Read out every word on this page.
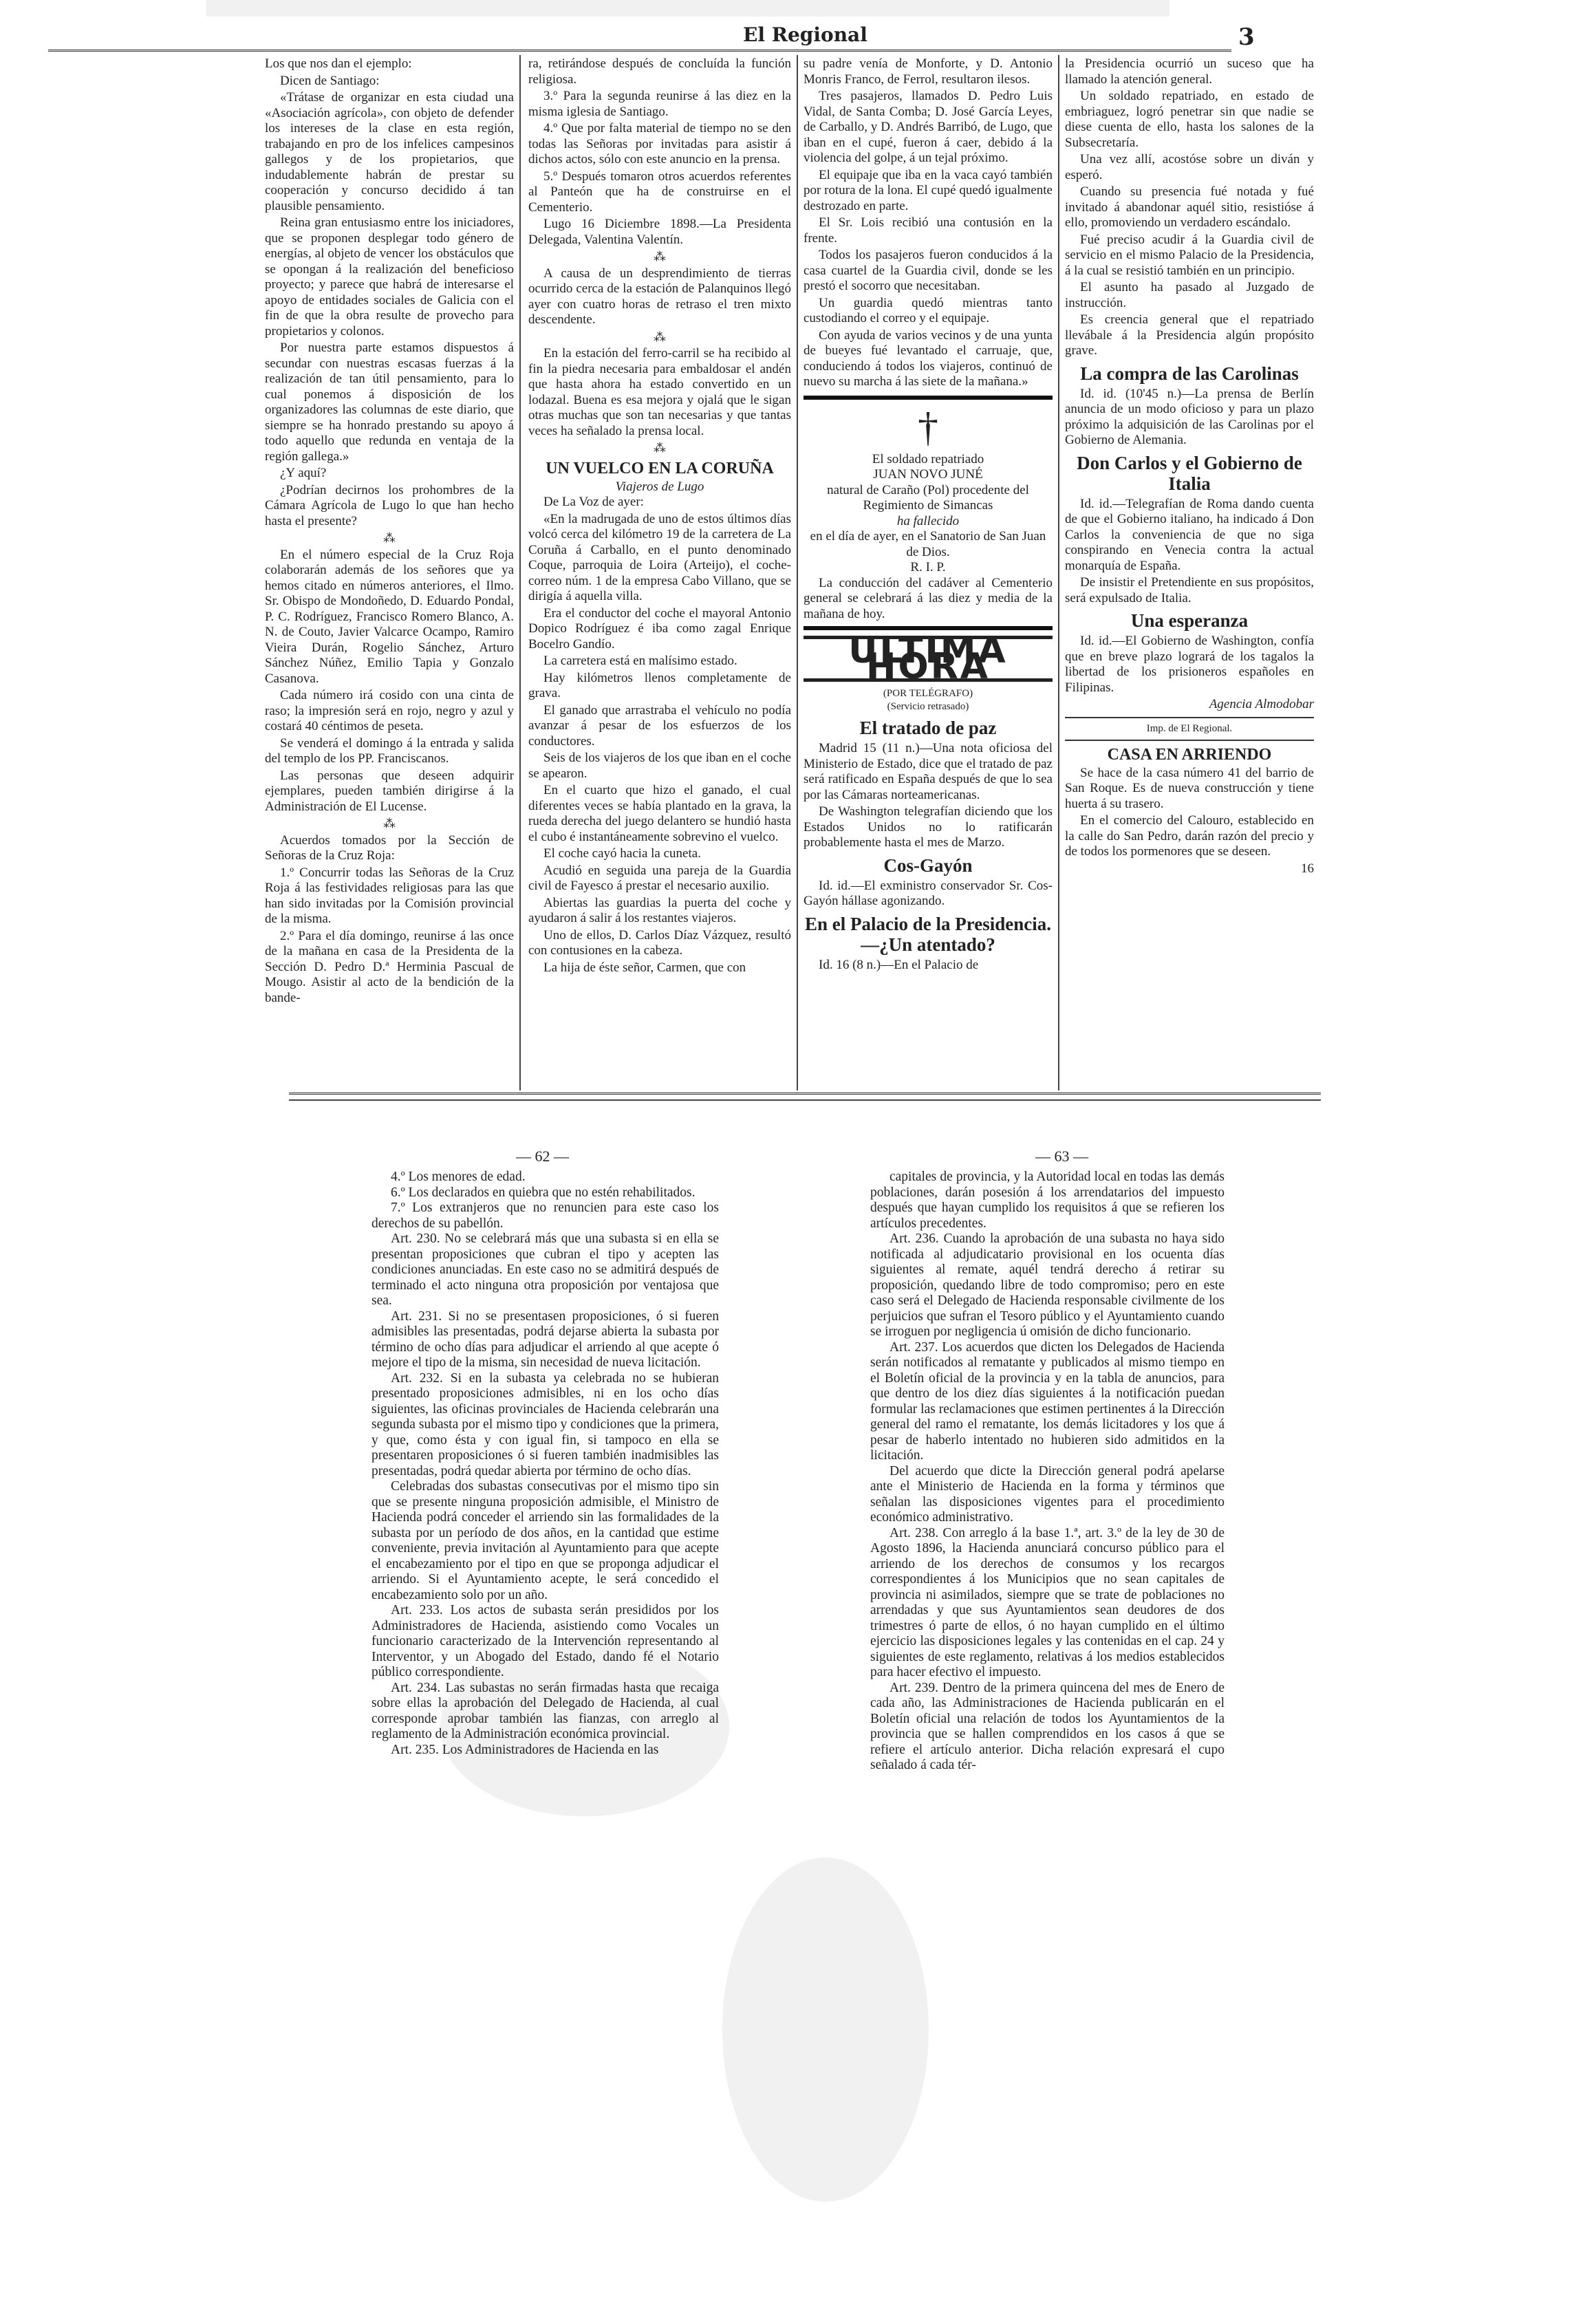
El Regional	3

Los que nos dan el ejemplo:

Dicen de Santiago:

«Trátase de organizar en esta ciudad una «Asociación agrícola», con objeto de defender los intereses de la clase en esta región, trabajando en pro de los infelices campesinos gallegos y de los propietarios, que indudablemente habrán de prestar su cooperación y concurso decidido á tan plausible pensamiento.

Reina gran entusiasmo entre los iniciadores, que se proponen desplegar todo género de energías, al objeto de vencer los obstáculos que se opongan á la realización del beneficioso proyecto; y parece que habrá de interesarse el apoyo de entidades sociales de Galicia con el fin de que la obra resulte de provecho para propietarios y colonos.

Por nuestra parte estamos dispuestos á secundar con nuestras escasas fuerzas á la realización de tan útil pensamiento, para lo cual ponemos á disposición de los organizadores las columnas de este diario, que siempre se ha honrado prestando su apoyo á todo aquello que redunda en ventaja de la región gallega.»

¿Y aquí?

¿Podrían decirnos los prohombres de la Cámara Agrícola de Lugo lo que han hecho hasta el presente?

⁂

En el número especial de la Cruz Roja colaborarán además de los señores que ya hemos citado en números anteriores, el Ilmo. Sr. Obispo de Mondoñedo, D. Eduardo Pondal, P. C. Rodríguez, Francisco Romero Blanco, A. N. de Couto, Javier Valcarce Ocampo, Ramiro Vieira Durán, Rogelio Sánchez, Arturo Sánchez Núñez, Emilio Tapia y Gonzalo Casanova.

Cada número irá cosido con una cinta de raso; la impresión será en rojo, negro y azul y costará 40 céntimos de peseta.

Se venderá el domingo á la entrada y salida del templo de los PP. Franciscanos.

Las personas que deseen adquirir ejemplares, pueden también dirigirse á la Administración de El Lucense.

⁂

Acuerdos tomados por la Sección de Señoras de la Cruz Roja:

1.º Concurrir todas las Señoras de la Cruz Roja á las festividades religiosas para las que han sido invitadas por la Comisión provincial de la misma.

2.º Para el día domingo, reunirse á las once de la mañana en casa de la Presidenta de la Sección D. Pedro D.ª Herminia Pascual de Mougo. Asistir al acto de la bendición de la bande-

ra, retirándose después de concluída la función religiosa.

3.º Para la segunda reunirse á las diez en la misma iglesia de Santiago.

4.º Que por falta material de tiempo no se den todas las Señoras por invitadas para asistir á dichos actos, sólo con este anuncio en la prensa.

5.º Después tomaron otros acuerdos referentes al Panteón que ha de construirse en el Cementerio.

Lugo 16 Diciembre 1898.—La Presidenta Delegada, Valentina Valentín.

⁂

A causa de un desprendimiento de tierras ocurrido cerca de la estación de Palanquinos llegó ayer con cuatro horas de retraso el tren mixto descendente.

⁂

En la estación del ferro-carril se ha recibido al fin la piedra necesaria para embaldosar el andén que hasta ahora ha estado convertido en un lodazal. Buena es esa mejora y ojalá que le sigan otras muchas que son tan necesarias y que tantas veces ha señalado la prensa local.

⁂
UN VUELCO EN LA CORUÑA
Viajeros de Lugo

De La Voz de ayer:

«En la madrugada de uno de estos últimos días volcó cerca del kilómetro 19 de la carretera de La Coruña á Carballo, en el punto denominado Coque, parroquia de Loira (Arteijo), el coche-correo núm. 1 de la empresa Cabo Villano, que se dirigía á aquella villa.

Era el conductor del coche el mayoral Antonio Dopico Rodríguez é iba como zagal Enrique Bocelro Gandío.

La carretera está en malísimo estado.

Hay kilómetros llenos completamente de grava.

El ganado que arrastraba el vehículo no podía avanzar á pesar de los esfuerzos de los conductores.

Seis de los viajeros de los que iban en el coche se apearon.

En el cuarto que hizo el ganado, el cual diferentes veces se había plantado en la grava, la rueda derecha del juego delantero se hundió hasta el cubo é instantáneamente sobrevino el vuelco.

El coche cayó hacia la cuneta.

Acudió en seguida una pareja de la Guardia civil de Fayesco á prestar el necesario auxilio.

Abiertas las guardias la puerta del coche y ayudaron á salir á los restantes viajeros.

Uno de ellos, D. Carlos Díaz Vázquez, resultó con contusiones en la cabeza.

La hija de éste señor, Carmen, que con

su padre venía de Monforte, y D. Antonio Monris Franco, de Ferrol, resultaron ilesos.

Tres pasajeros, llamados D. Pedro Luis Vidal, de Santa Comba; D. José García Leyes, de Carballo, y D. Andrés Barribó, de Lugo, que iban en el cupé, fueron á caer, debido á la violencia del golpe, á un tejal próximo.

El equipaje que iba en la vaca cayó también por rotura de la lona. El cupé quedó igualmente destrozado en parte.

El Sr. Lois recibió una contusión en la frente.

Todos los pasajeros fueron conducidos á la casa cuartel de la Guardia civil, donde se les prestó el socorro que necesitaban.

Un guardia quedó mientras tanto custodiando el correo y el equipaje.

Con ayuda de varios vecinos y de una yunta de bueyes fué levantado el carruaje, que, conduciendo á todos los viajeros, continuó de nuevo su marcha á las siete de la mañana.»

†
El soldado repatriado
JUAN NOVO JUNÉ
natural de Caraño (Pol) procedente del Regimiento de Simancas
ha fallecido
en el día de ayer, en el Sanatorio de San Juan de Dios.
R. I. P.

La conducción del cadáver al Cementerio general se celebrará á las diez y media de la mañana de hoy.

ULTIMA HORA
(POR TELÉGRAFO)
(Servicio retrasado)
El tratado de paz

Madrid 15 (11 n.)—Una nota oficiosa del Ministerio de Estado, dice que el tratado de paz será ratificado en España después de que lo sea por las Cámaras norteamericanas.

De Washington telegrafían diciendo que los Estados Unidos no lo ratificarán probablemente hasta el mes de Marzo.

Cos-Gayón

Id. id.—El exministro conservador Sr. Cos-Gayón hállase agonizando.

En el Palacio de la Presidencia.—¿Un atentado?

Id. 16 (8 n.)—En el Palacio de

la Presidencia ocurrió un suceso que ha llamado la atención general.

Un soldado repatriado, en estado de embriaguez, logró penetrar sin que nadie se diese cuenta de ello, hasta los salones de la Subsecretaría.

Una vez allí, acostóse sobre un diván y esperó.

Cuando su presencia fué notada y fué invitado á abandonar aquél sitio, resistióse á ello, promoviendo un verdadero escándalo.

Fué preciso acudir á la Guardia civil de servicio en el mismo Palacio de la Presidencia, á la cual se resistió también en un principio.

El asunto ha pasado al Juzgado de instrucción.

Es creencia general que el repatriado llevábale á la Presidencia algún propósito grave.

La compra de las Carolinas

Id. id. (10'45 n.)—La prensa de Berlín anuncia de un modo oficioso y para un plazo próximo la adquisición de las Carolinas por el Gobierno de Alemania.

Don Carlos y el Gobierno de Italia

Id. id.—Telegrafían de Roma dando cuenta de que el Gobierno italiano, ha indicado á Don Carlos la conveniencia de que no siga conspirando en Venecia contra la actual monarquía de España.

De insistir el Pretendiente en sus propósitos, será expulsado de Italia.

Una esperanza

Id. id.—El Gobierno de Washington, confía que en breve plazo logrará de los tagalos la libertad de los prisioneros españoles en Filipinas.

Agencia Almodobar
Imp. de El Regional.
CASA EN ARRIENDO

Se hace de la casa número 41 del barrio de San Roque. Es de nueva construcción y tiene huerta á su trasero.

En el comercio del Calouro, establecido en la calle do San Pedro, darán razón del precio y de todos los pormenores que se deseen.

16
— 62 —

4.º Los menores de edad.

6.º Los declarados en quiebra que no estén rehabilitados.

7.º Los extranjeros que no renuncien para este caso los derechos de su pabellón.

Art. 230. No se celebrará más que una subasta si en ella se presentan proposiciones que cubran el tipo y acepten las condiciones anunciadas. En este caso no se admitirá después de terminado el acto ninguna otra proposición por ventajosa que sea.

Art. 231. Si no se presentasen proposiciones, ó si fueren admisibles las presentadas, podrá dejarse abierta la subasta por término de ocho días para adjudicar el arriendo al que acepte ó mejore el tipo de la misma, sin necesidad de nueva licitación.

Art. 232. Si en la subasta ya celebrada no se hubieran presentado proposiciones admisibles, ni en los ocho días siguientes, las oficinas provinciales de Hacienda celebrarán una segunda subasta por el mismo tipo y condiciones que la primera, y que, como ésta y con igual fin, si tampoco en ella se presentaren proposiciones ó si fueren también inadmisibles las presentadas, podrá quedar abierta por término de ocho días.

Celebradas dos subastas consecutivas por el mismo tipo sin que se presente ninguna proposición admisible, el Ministro de Hacienda podrá conceder el arriendo sin las formalidades de la subasta por un período de dos años, en la cantidad que estime conveniente, previa invitación al Ayuntamiento para que acepte el encabezamiento por el tipo en que se proponga adjudicar el arriendo. Si el Ayuntamiento acepte, le será concedido el encabezamiento solo por un año.

Art. 233. Los actos de subasta serán presididos por los Administradores de Hacienda, asistiendo como Vocales un funcionario caracterizado de la Intervención representando al Interventor, y un Abogado del Estado, dando fé el Notario público correspondiente.

Art. 234. Las subastas no serán firmadas hasta que recaiga sobre ellas la aprobación del Delegado de Hacienda, al cual corresponde aprobar también las fianzas, con arreglo al reglamento de la Administración económica provincial.

Art. 235. Los Administradores de Hacienda en las

— 63 —

capitales de provincia, y la Autoridad local en todas las demás poblaciones, darán posesión á los arrendatarios del impuesto después que hayan cumplido los requisitos á que se refieren los artículos precedentes.

Art. 236. Cuando la aprobación de una subasta no haya sido notificada al adjudicatario provisional en los ocuenta días siguientes al remate, aquél tendrá derecho á retirar su proposición, quedando libre de todo compromiso; pero en este caso será el Delegado de Hacienda responsable civilmente de los perjuicios que sufran el Tesoro público y el Ayuntamiento cuando se irroguen por negligencia ú omisión de dicho funcionario.

Art. 237. Los acuerdos que dicten los Delegados de Hacienda serán notificados al rematante y publicados al mismo tiempo en el Boletín oficial de la provincia y en la tabla de anuncios, para que dentro de los diez días siguientes á la notificación puedan formular las reclamaciones que estimen pertinentes á la Dirección general del ramo el rematante, los demás licitadores y los que á pesar de haberlo intentado no hubieren sido admitidos en la licitación.

Del acuerdo que dicte la Dirección general podrá apelarse ante el Ministerio de Hacienda en la forma y términos que señalan las disposiciones vigentes para el procedimiento económico administrativo.

Art. 238. Con arreglo á la base 1.ª, art. 3.º de la ley de 30 de Agosto 1896, la Hacienda anunciará concurso público para el arriendo de los derechos de consumos y los recargos correspondientes á los Municipios que no sean capitales de provincia ni asimilados, siempre que se trate de poblaciones no arrendadas y que sus Ayuntamientos sean deudores de dos trimestres ó parte de ellos, ó no hayan cumplido en el último ejercicio las disposiciones legales y las contenidas en el cap. 24 y siguientes de este reglamento, relativas á los medios establecidos para hacer efectivo el impuesto.

Art. 239. Dentro de la primera quincena del mes de Enero de cada año, las Administraciones de Hacienda publicarán en el Boletín oficial una relación de todos los Ayuntamientos de la provincia que se hallen comprendidos en los casos á que se refiere el artículo anterior. Dicha relación expresará el cupo señalado á cada tér-
